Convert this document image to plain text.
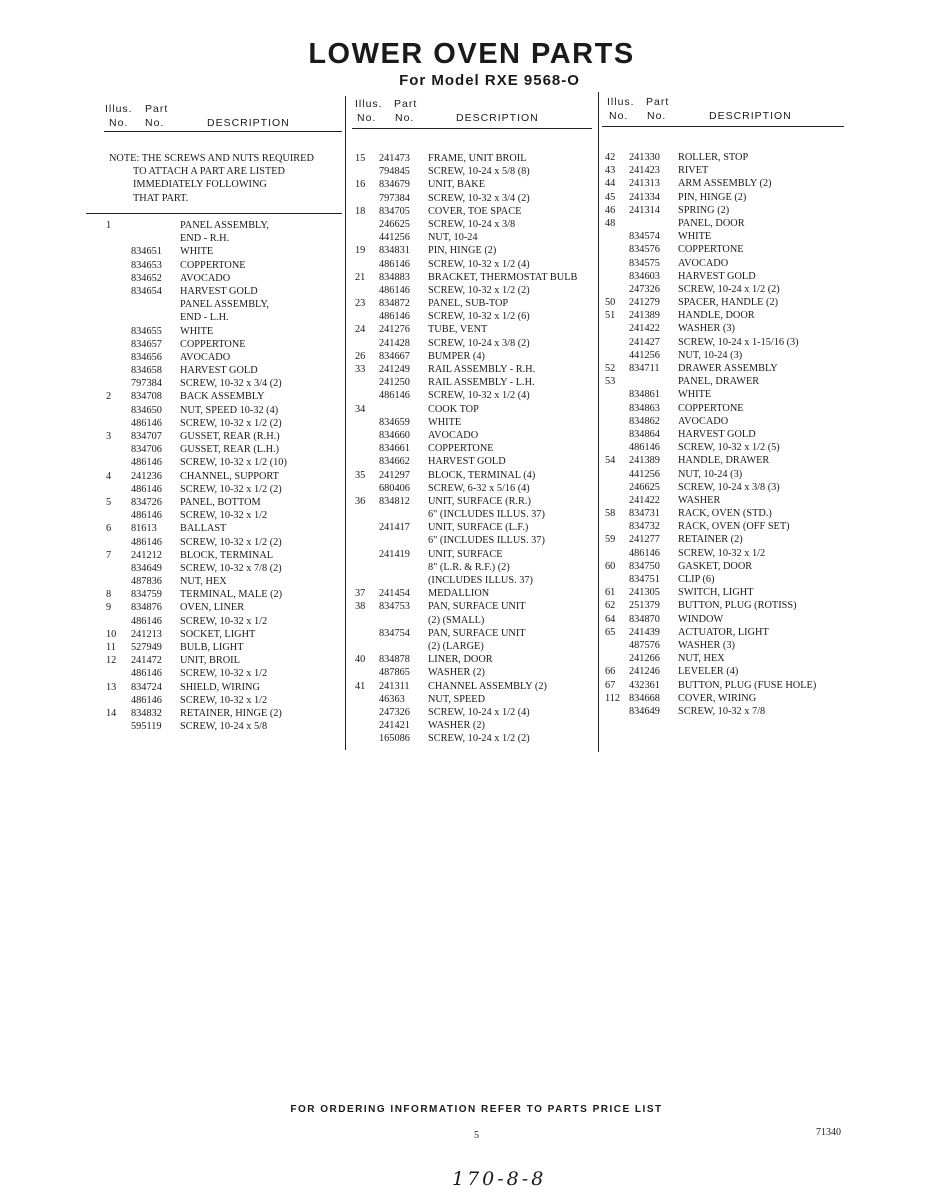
LOWER OVEN PARTS
For Model RXE 9568-O
Illus. Part
No. No.	DESCRIPTION
Illus. Part
No. No.	DESCRIPTION
Illus. Part
No. No.	DESCRIPTION
NOTE: THE SCREWS AND NUTS REQUIRED
TO ATTACH A PART ARE LISTED
IMMEDIATELY FOLLOWING
THAT PART.
1	PANEL ASSEMBLY,
END - R.H.
834651 WHITE
834653 COPPERTONE
834652 AVOCADO
834654 HARVEST GOLD
PANEL ASSEMBLY,
END - L.H.
834655 WHITE
834657 COPPERTONE
834656 AVOCADO
834658 HARVEST GOLD
797384 SCREW, 10-32 x 3/4 (2)
2 834708 BACK ASSEMBLY
834650 NUT, SPEED 10-32 (4)
486146 SCREW, 10-32 x 1/2 (2)
3 834707 GUSSET, REAR (R.H.)
834706 GUSSET, REAR (L.H.)
486146 SCREW, 10-32 x 1/2 (10)
4 241236 CHANNEL, SUPPORT
486146 SCREW, 10-32 x 1/2 (2)
5 834726 PANEL, BOTTOM
486146 SCREW, 10-32 x 1/2
6 81613 BALLAST
486146 SCREW, 10-32 x 1/2 (2)
7 241212 BLOCK, TERMINAL
834649 SCREW, 10-32 x 7/8 (2)
487836 NUT, HEX
8 834759 TERMINAL, MALE (2)
9 834876 OVEN, LINER
486146 SCREW, 10-32 x 1/2
10 241213 SOCKET, LIGHT
11 527949 BULB, LIGHT
12 241472 UNIT, BROIL
486146 SCREW, 10-32 x 1/2
13 834724 SHIELD, WIRING
486146 SCREW, 10-32 x 1/2
14 834832 RETAINER, HINGE (2)
595119 SCREW, 10-24 x 5/8
15 241473 FRAME, UNIT BROIL
794845 SCREW, 10-24 x 5/8 (8)
16 834679 UNIT, BAKE
797384 SCREW, 10-32 x 3/4 (2)
18 834705 COVER, TOE SPACE
246625 SCREW, 10-24 x 3/8
441256 NUT, 10-24
19 834831 PIN, HINGE (2)
486146 SCREW, 10-32 x 1/2 (4)
21 834883 BRACKET, THERMOSTAT BULB
486146 SCREW, 10-32 x 1/2 (2)
23 834872 PANEL, SUB-TOP
486146 SCREW, 10-32 x 1/2 (6)
24 241276 TUBE, VENT
241428 SCREW, 10-24 x 3/8 (2)
26 834667 BUMPER (4)
33 241249 RAIL ASSEMBLY - R.H.
241250 RAIL ASSEMBLY - L.H.
486146 SCREW, 10-32 x 1/2 (4)
34	COOK TOP
834659 WHITE
834660 AVOCADO
834661 COPPERTONE
834662 HARVEST GOLD
35 241297 BLOCK, TERMINAL (4)
680406 SCREW, 6-32 x 5/16 (4)
36 834812 UNIT, SURFACE (R.R.)
6" (INCLUDES ILLUS. 37)
241417 UNIT, SURFACE (L.F.)
6" (INCLUDES ILLUS. 37)
241419 UNIT, SURFACE
8" (L.R. & R.F.) (2)
(INCLUDES ILLUS. 37)
37 241454 MEDALLION
38 834753 PAN, SURFACE UNIT
(2) (SMALL)
834754 PAN, SURFACE UNIT
(2) (LARGE)
40 834878 LINER, DOOR
487865 WASHER (2)
41 241311 CHANNEL ASSEMBLY (2)
46363 NUT, SPEED
247326 SCREW, 10-24 x 1/2 (4)
241421 WASHER (2)
165086 SCREW, 10-24 x 1/2 (2)
42 241330 ROLLER, STOP
43 241423 RIVET
44 241313 ARM ASSEMBLY (2)
45 241334 PIN, HINGE (2)
46 241314 SPRING (2)
48	PANEL, DOOR
834574 WHITE
834576 COPPERTONE
834575 AVOCADO
834603 HARVEST GOLD
247326 SCREW, 10-24 x 1/2 (2)
50 241279 SPACER, HANDLE (2)
51 241389 HANDLE, DOOR
241422 WASHER (3)
241427 SCREW, 10-24 x 1-15/16 (3)
441256 NUT, 10-24 (3)
52 834711 DRAWER ASSEMBLY
53	PANEL, DRAWER
834861 WHITE
834863 COPPERTONE
834862 AVOCADO
834864 HARVEST GOLD
486146 SCREW, 10-32 x 1/2 (5)
54 241389 HANDLE, DRAWER
441256 NUT, 10-24 (3)
246625 SCREW, 10-24 x 3/8 (3)
241422 WASHER
58 834731 RACK, OVEN (STD.)
834732 RACK, OVEN (OFF SET)
59 241277 RETAINER (2)
486146 SCREW, 10-32 x 1/2
60 834750 GASKET, DOOR
834751 CLIP (6)
61 241305 SWITCH, LIGHT
62 251379 BUTTON, PLUG (ROTISS)
64 834870 WINDOW
65 241439 ACTUATOR, LIGHT
487576 WASHER (3)
241266 NUT, HEX
66 241246 LEVELER (4)
67 432361 BUTTON, PLUG (FUSE HOLE)
112 834668 COVER, WIRING
834649 SCREW, 10-32 x 7/8
FOR ORDERING INFORMATION REFER TO PARTS PRICE LIST
5	71340
170-8-8
